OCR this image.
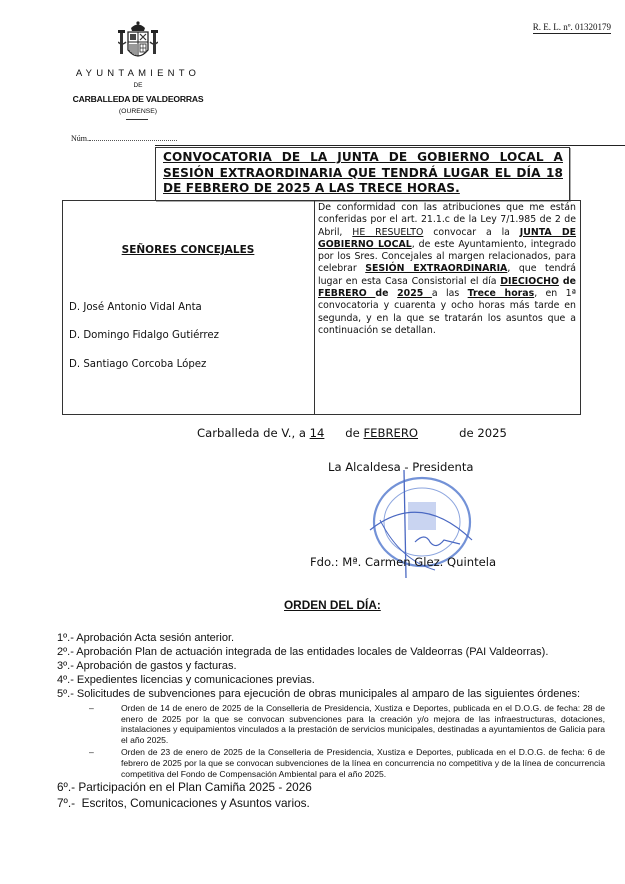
AYUNTAMIENTO
DE
CARBALLEDA DE VALDEORRAS
(OURENSE)
Núm.
R. E. L. nº. 01320179
CONVOCATORIA DE LA JUNTA DE GOBIERNO LOCAL A SESIÓN EXTRAORDINARIA QUE TENDRÁ LUGAR EL DÍA 18 DE FEBRERO DE 2025 A LAS TRECE HORAS.
SEÑORES CONCEJALES
D. José Antonio Vidal Anta
D. Domingo Fidalgo Gutiérrez
D. Santiago Corcoba López
De conformidad con las atribuciones que me están conferidas por el art. 21.1.c de la Ley 7/1.985 de 2 de Abril, HE RESUELTO convocar a la JUNTA DE GOBIERNO LOCAL, de este Ayuntamiento, integrado por los Sres. Concejales al margen relacionados, para celebrar SESIÓN EXTRAORDINARIA, que tendrá lugar en esta Casa Consistorial el día DIECIOCHO de FEBRERO de 2025 a las Trece horas, en 1ª convocatoria y cuarenta y ocho horas más tarde en segunda, y en la que se tratarán los asuntos que a continuación se detallan.
Carballeda de V., a 14 de FEBRERO	de 2025
La Alcaldesa - Presidenta
Fdo.: Mª. Carmen Glez. Quintela
ORDEN DEL DÍA:
1º.- Aprobación Acta sesión anterior.
2º.- Aprobación Plan de actuación integrada de las entidades locales de Valdeorras (PAI Valdeorras).
3º.- Aprobación de gastos y facturas.
4º.- Expedientes licencias y comunicaciones previas.
5º.- Solicitudes de subvenciones para ejecución de obras municipales al amparo de las siguientes órdenes:
–	Orden de 14 de enero de 2025 de la Conselleria de Presidencia, Xustiza e Deportes, publicada en el D.O.G. de fecha: 28 de enero de 2025 por la que se convocan subvenciones para la creación y/o mejora de las infraestructuras, dotaciones, instalaciones y equipamientos vinculados a la prestación de servicios municipales, destinadas a ayuntamientos de Galicia para el año 2025.
–	Orden de 23 de enero de 2025 de la Conselleria de Presidencia, Xustiza e Deportes, publicada en el D.O.G. de fecha: 6 de febrero de 2025 por la que se convocan subvenciones de la línea en concurrencia no competitiva y de la línea de concurrencia competitiva del Fondo de Compensación Ambiental para el año 2025.
6º.- Participación en el Plan Camiña 2025 - 2026
7º.-  Escritos, Comunicaciones y Asuntos varios.
